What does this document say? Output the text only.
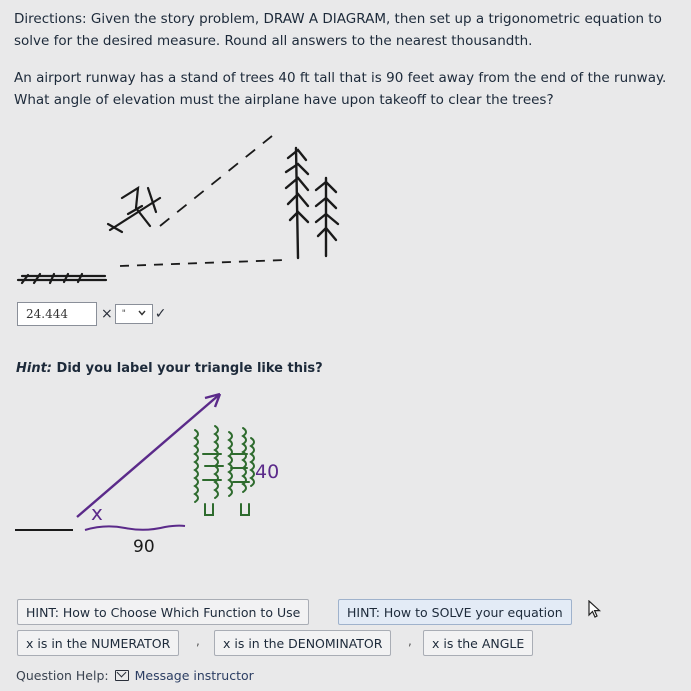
Directions: Given the story problem, DRAW A DIAGRAM, then set up a trigonometric equation to solve for the desired measure. Round all answers to the nearest thousandth.
An airport runway has a stand of trees 40 ft tall that is 90 feet away from the end of the runway. What angle of elevation must the airplane have upon takeoff to clear the trees?
24.444	× " ✓
Hint: Did you label your triangle like this?
x
90
40
HINT: How to Choose Which Function to Use	HINT: How to SOLVE your equation
x is in the NUMERATOR	,	x is in the DENOMINATOR	,	x is the ANGLE
Question Help: Message instructor
